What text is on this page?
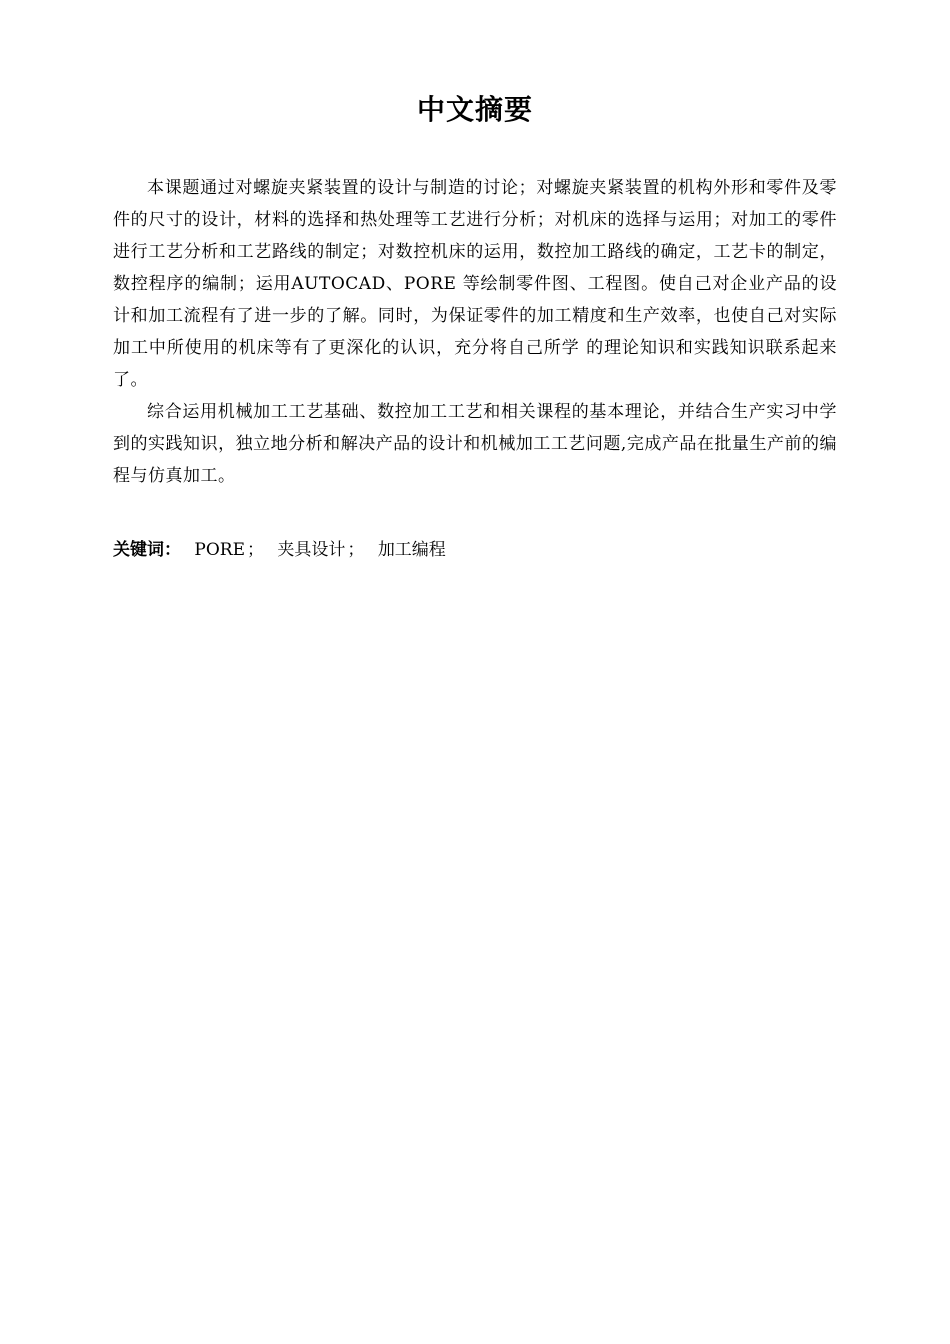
中文摘要

本课题通过对螺旋夹紧装置的设计与制造的讨论；对螺旋夹紧装置的机构外形和零件及零件的尺寸的设计，材料的选择和热处理等工艺进行分析；对机床的选择与运用；对加工的零件进行工艺分析和工艺路线的制定；对数控机床的运用，数控加工路线的确定，工艺卡的制定，数控程序的编制；运用AUTOCAD、PORE 等绘制零件图、工程图。使自己对企业产品的设计和加工流程有了进一步的了解。同时，为保证零件的加工精度和生产效率，也使自己对实际加工中所使用的机床等有了更深化的认识，充分将自己所学 的理论知识和实践知识联系起来了。

综合运用机械加工工艺基础、数控加工工艺和相关课程的基本理论，并结合生产实习中学到的实践知识，独立地分析和解决产品的设计和机械加工工艺问题,完成产品在批量生产前的编程与仿真加工。

关键词： PORE ； 夹具设计 ； 加工编程
